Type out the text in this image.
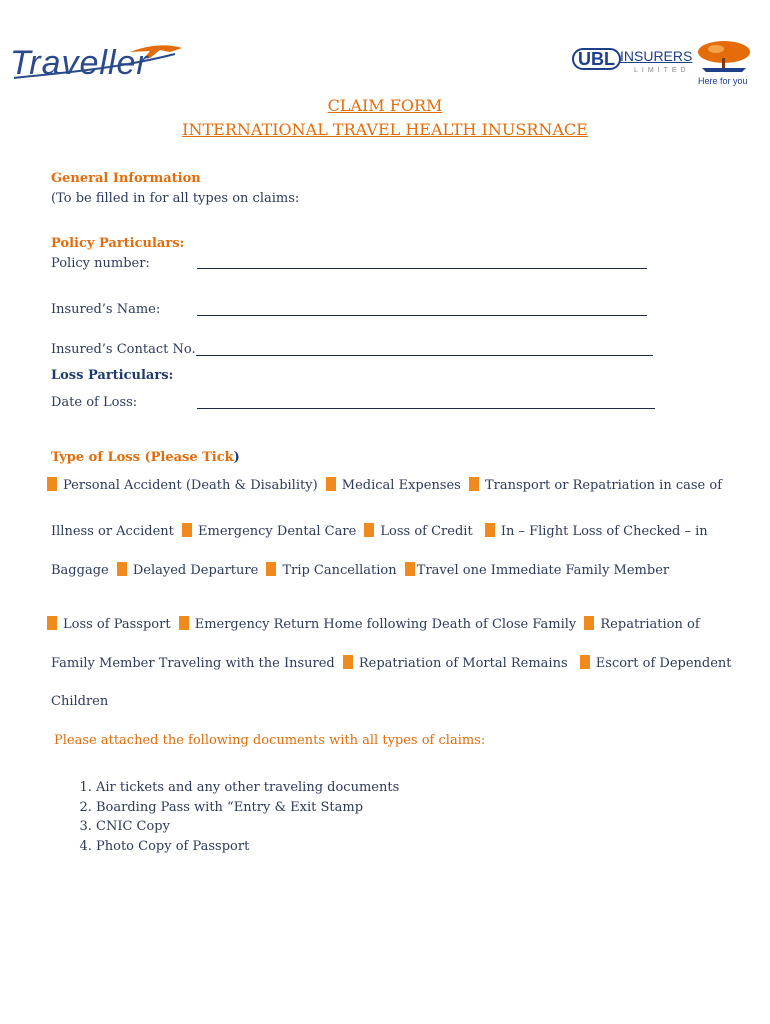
Traveller	UBL INSURERS
LIMITED
Here for you
CLAIM FORM
INTERNATIONAL TRAVEL HEALTH INUSRNACE
General Information
(To be filled in for all types on claims:
Policy Particulars:
Policy number:
Insured’s Name:
Insured’s Contact No.
Loss Particulars:
Date of Loss:
Type of Loss (Please Tick)
Personal Accident (Death & Disability) Medical Expenses Transport or Repatriation in case of
Illness or Accident Emergency Dental Care Loss of Credit In – Flight Loss of Checked – in
Baggage Delayed Departure Trip Cancellation Travel one Immediate Family Member
Loss of Passport Emergency Return Home following Death of Close Family Repatriation of
Family Member Traveling with the Insured Repatriation of Mortal Remains Escort of Dependent
Children
Please attached the following documents with all types of claims:
1. Air tickets and any other traveling documents
2. Boarding Pass with “Entry & Exit Stamp
3. CNIC Copy
4. Photo Copy of Passport
